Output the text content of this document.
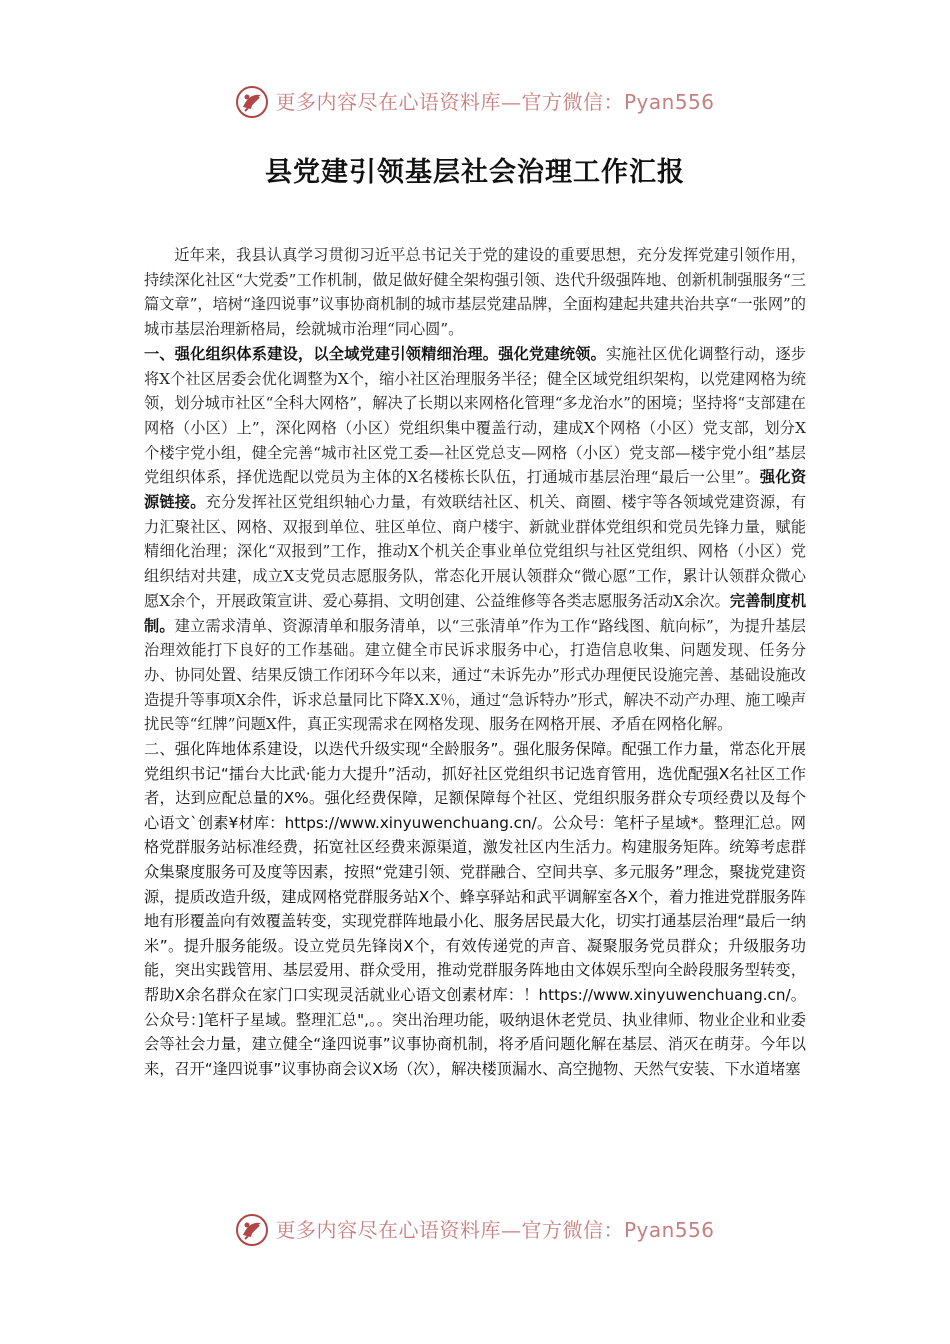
更多内容尽在心语资料库—官方微信：Pyan556
县党建引领基层社会治理工作汇报

近年来，我县认真学习贯彻习近平总书记关于党的建设的重要思想，充分发挥党建引领作用，持续深化社区“大党委”工作机制，做足做好健全架构强引领、迭代升级强阵地、创新机制强服务“三篇文章”，培树“逢四说事”议事协商机制的城市基层党建品牌，全面构建起共建共治共享“一张网”的城市基层治理新格局，绘就城市治理“同心圆”。

一、强化组织体系建设，以全域党建引领精细治理。强化党建统领。实施社区优化调整行动，逐步将X个社区居委会优化调整为X个，缩小社区治理服务半径；健全区域党组织架构，以党建网格为统领，划分城市社区“全科大网格”，解决了长期以来网格化管理“多龙治水”的困境；坚持将“支部建在网格（小区）上”，深化网格（小区）党组织集中覆盖行动，建成X个网格（小区）党支部，划分X个楼宇党小组，健全完善“城市社区党工委—社区党总支—网格（小区）党支部—楼宇党小组”基层党组织体系，择优选配以党员为主体的X名楼栋长队伍，打通城市基层治理“最后一公里”。强化资源链接。充分发挥社区党组织轴心力量，有效联结社区、机关、商圈、楼宇等各领域党建资源，有力汇聚社区、网格、双报到单位、驻区单位、商户楼宇、新就业群体党组织和党员先锋力量，赋能精细化治理；深化“双报到”工作，推动X个机关企事业单位党组织与社区党组织、网格（小区）党组织结对共建，成立X支党员志愿服务队，常态化开展认领群众“微心愿”工作，累计认领群众微心愿X余个，开展政策宣讲、爱心募捐、文明创建、公益维修等各类志愿服务活动X余次。完善制度机制。建立需求清单、资源清单和服务清单，以“三张清单”作为工作“路线图、航向标”，为提升基层治理效能打下良好的工作基础。建立健全市民诉求服务中心，打造信息收集、问题发现、任务分办、协同处置、结果反馈工作闭环今年以来，通过“未诉先办”形式办理便民设施完善、基础设施改造提升等事项X余件，诉求总量同比下降X.X％，通过“急诉特办”形式，解决不动产办理、施工噪声扰民等“红牌”问题X件，真正实现需求在网格发现、服务在网格开展、矛盾在网格化解。

二、强化阵地体系建设，以迭代升级实现“全龄服务”。强化服务保障。配强工作力量，常态化开展党组织书记“擂台大比武·能力大提升”活动，抓好社区党组织书记选育管用，选优配强X名社区工作者，达到应配总量的X%。强化经费保障，足额保障每个社区、党组织服务群众专项经费以及每个心语文`创素¥材库：https://www.xinyuwenchuang.cn/。公众号：笔杆子星域*。整理汇总。网格党群服务站标准经费，拓宽社区经费来源渠道，激发社区内生活力。构建服务矩阵。统筹考虑群众集聚度服务可及度等因素，按照“党建引领、党群融合、空间共享、多元服务”理念，聚拢党建资源，提质改造升级，建成网格党群服务站X个、蜂享驿站和武平调解室各X个，着力推进党群服务阵地有形覆盖向有效覆盖转变，实现党群阵地最小化、服务居民最大化，切实打通基层治理“最后一纳米”。提升服务能级。设立党员先锋岗X个，有效传递党的声音、凝聚服务党员群众；升级服务功能，突出实践管用、基层爱用、群众受用，推动党群服务阵地由文体娱乐型向全龄段服务型转变，帮助X余名群众在家门口实现灵活就业心语文创素材库：！https://www.xinyuwenchuang.cn/。公众号：]笔杆子星域。整理汇总",。。突出治理功能，吸纳退休老党员、执业律师、物业企业和业委会等社会力量，建立健全“逢四说事”议事协商机制，将矛盾问题化解在基层、消灭在萌芽。今年以来，召开“逢四说事”议事协商会议X场（次），解决楼顶漏水、高空抛物、天然气安装、下水道堵塞

更多内容尽在心语资料库—官方微信：Pyan556
